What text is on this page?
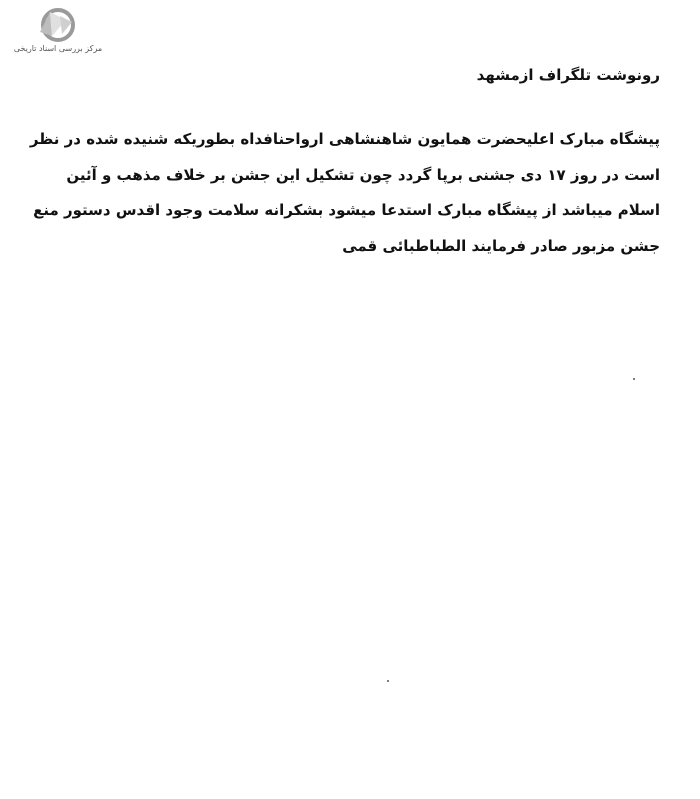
مرکز بررسی اسناد تاریخی
رونوشت تلگراف ازمشهد
پیشگاه مبارک اعلیحضرت همایون شاهنشاهی ارواحنافداه بطوریکه شنیده شده در نظر
است در روز ۱۷ دی جشنی برپا گردد چون تشکیل این جشن بر خلاف مذهب و آئین
اسلام میباشد از پیشگاه مبارک استدعا میشود بشکرانه سلامت وجود اقدس دستور منع
جشن مزبور صادر فرمایند الطباطبائی قمی
